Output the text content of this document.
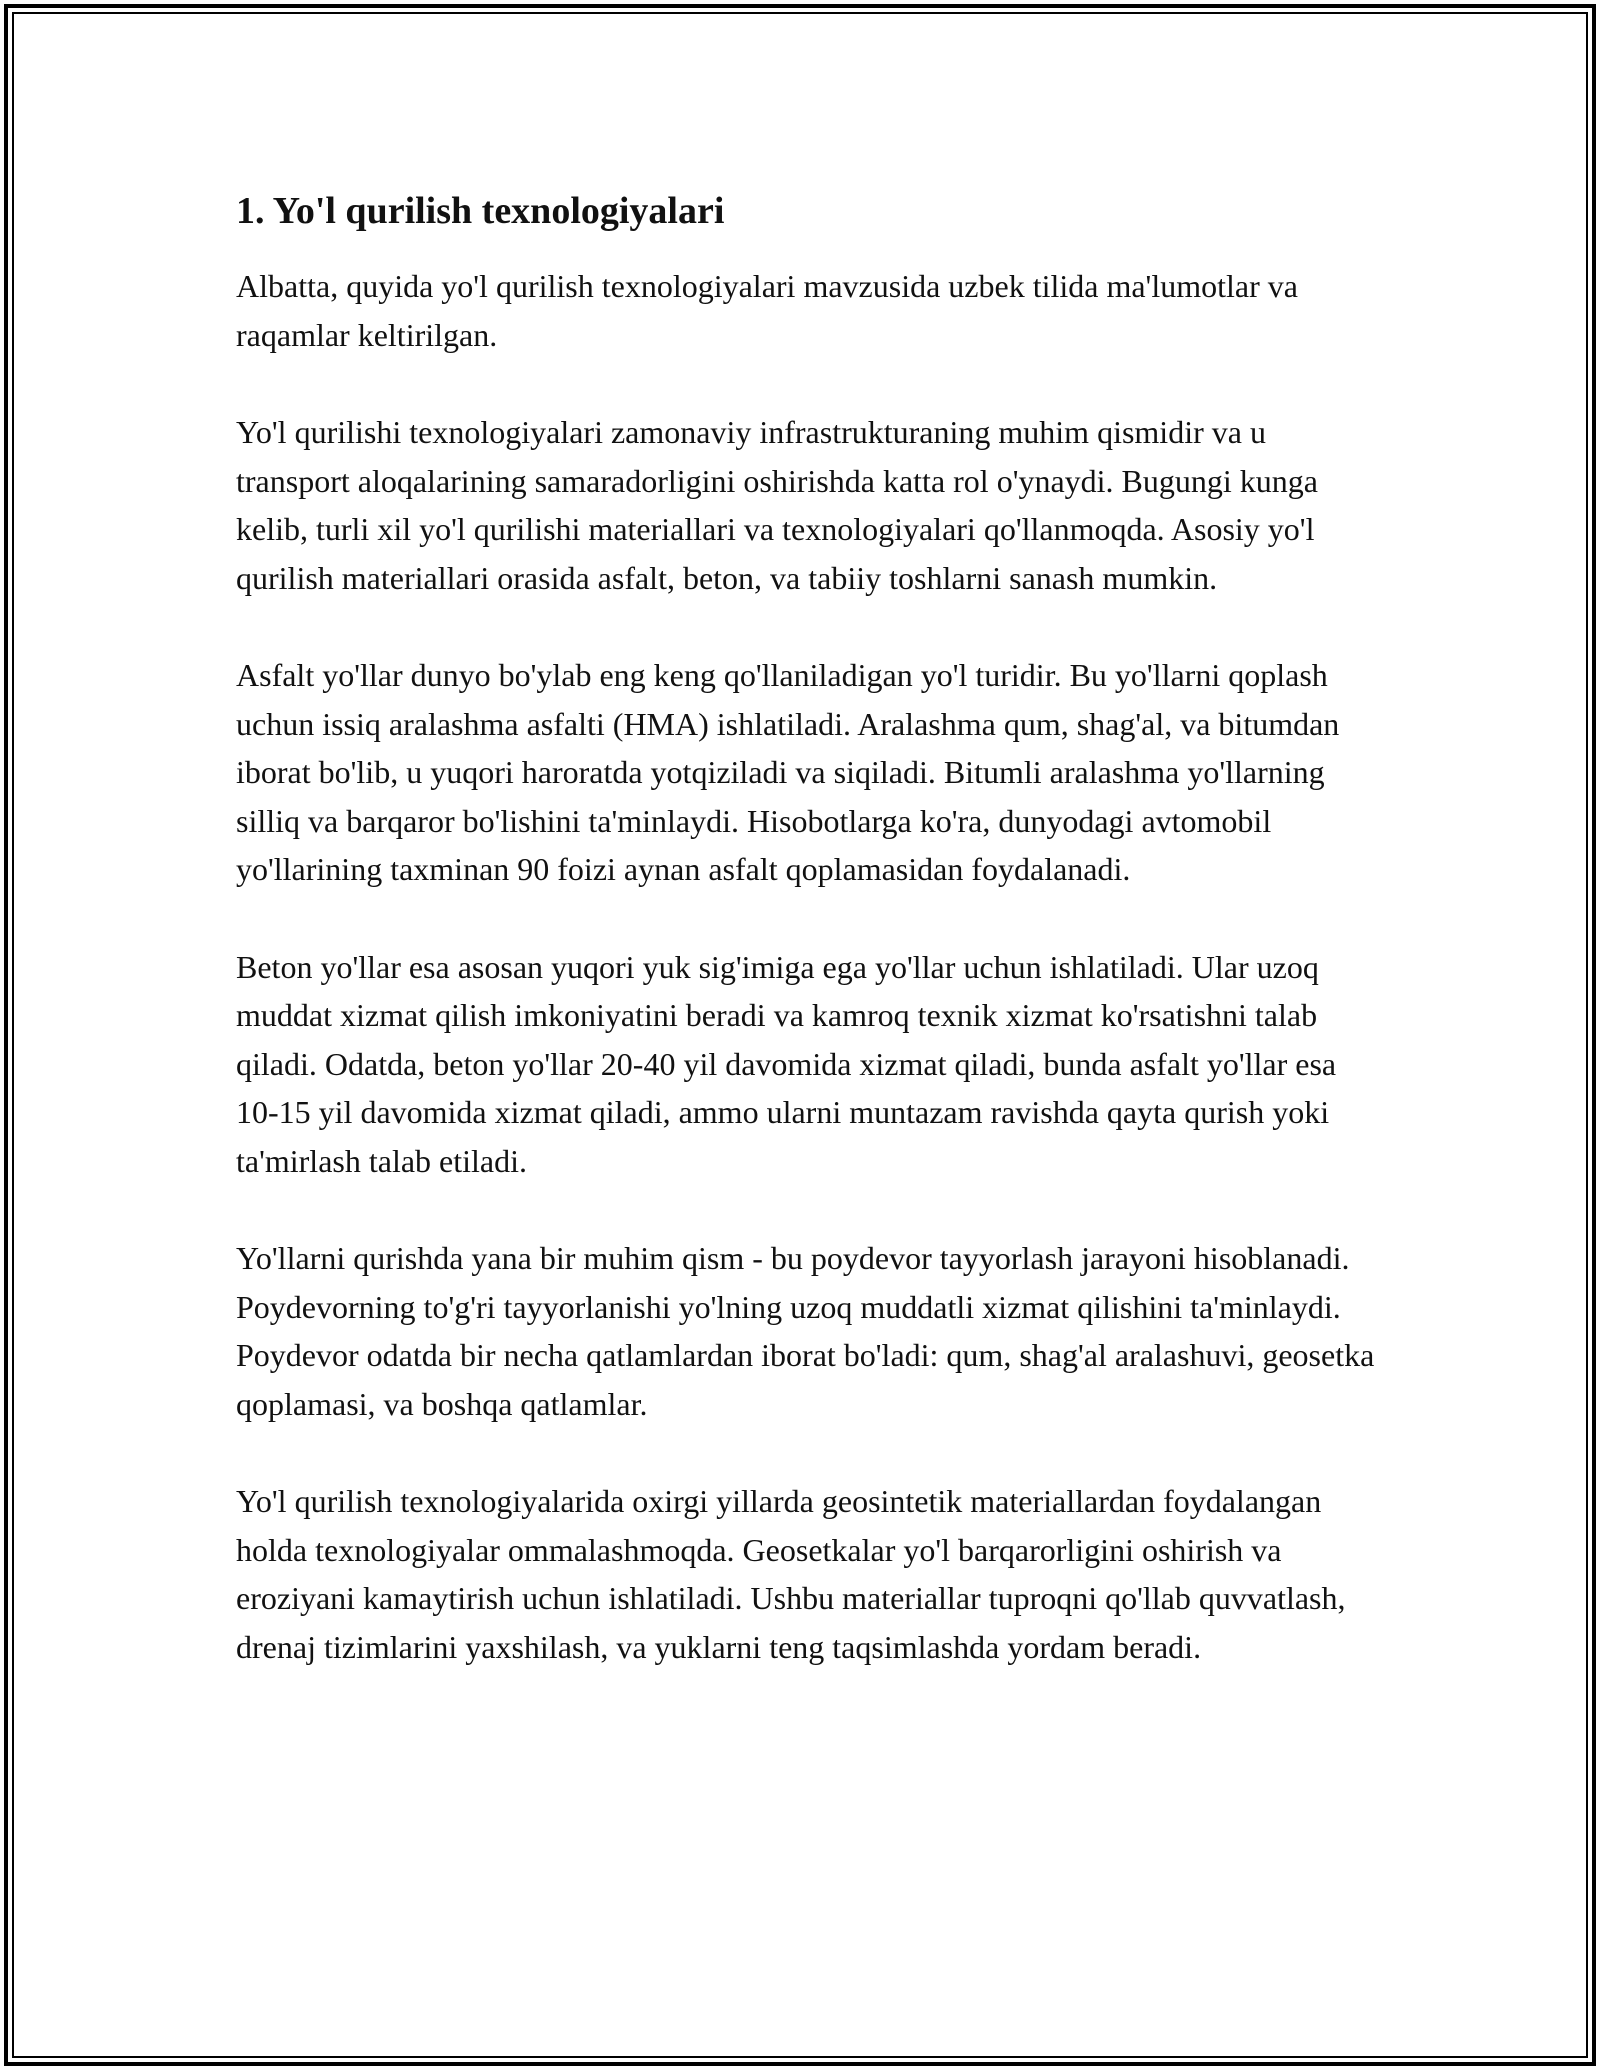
1. Yo'l qurilish texnologiyalari

Albatta, quyida yo'l qurilish texnologiyalari mavzusida uzbek tilida ma'lumotlar va raqamlar keltirilgan.

Yo'l qurilishi texnologiyalari zamonaviy infrastrukturaning muhim qismidir va u transport aloqalarining samaradorligini oshirishda katta rol o'ynaydi. Bugungi kunga kelib, turli xil yo'l qurilishi materiallari va texnologiyalari qo'llanmoqda. Asosiy yo'l qurilish materiallari orasida asfalt, beton, va tabiiy toshlarni sanash mumkin.

Asfalt yo'llar dunyo bo'ylab eng keng qo'llaniladigan yo'l turidir. Bu yo'llarni qoplash uchun issiq aralashma asfalti (HMA) ishlatiladi. Aralashma qum, shag'al, va bitumdan iborat bo'lib, u yuqori haroratda yotqiziladi va siqiladi. Bitumli aralashma yo'llarning silliq va barqaror bo'lishini ta'minlaydi. Hisobotlarga ko'ra, dunyodagi avtomobil yo'llarining taxminan 90 foizi aynan asfalt qoplamasidan foydalanadi.

Beton yo'llar esa asosan yuqori yuk sig'imiga ega yo'llar uchun ishlatiladi. Ular uzoq muddat xizmat qilish imkoniyatini beradi va kamroq texnik xizmat ko'rsatishni talab qiladi. Odatda, beton yo'llar 20-40 yil davomida xizmat qiladi, bunda asfalt yo'llar esa 10-15 yil davomida xizmat qiladi, ammo ularni muntazam ravishda qayta qurish yoki ta'mirlash talab etiladi.

Yo'llarni qurishda yana bir muhim qism - bu poydevor tayyorlash jarayoni hisoblanadi. Poydevorning to'g'ri tayyorlanishi yo'lning uzoq muddatli xizmat qilishini ta'minlaydi. Poydevor odatda bir necha qatlamlardan iborat bo'ladi: qum, shag'al aralashuvi, geosetka qoplamasi, va boshqa qatlamlar.

Yo'l qurilish texnologiyalarida oxirgi yillarda geosintetik materiallardan foydalangan holda texnologiyalar ommalashmoqda. Geosetkalar yo'l barqarorligini oshirish va eroziyani kamaytirish uchun ishlatiladi. Ushbu materiallar tuproqni qo'llab quvvatlash, drenaj tizimlarini yaxshilash, va yuklarni teng taqsimlashda yordam beradi.
